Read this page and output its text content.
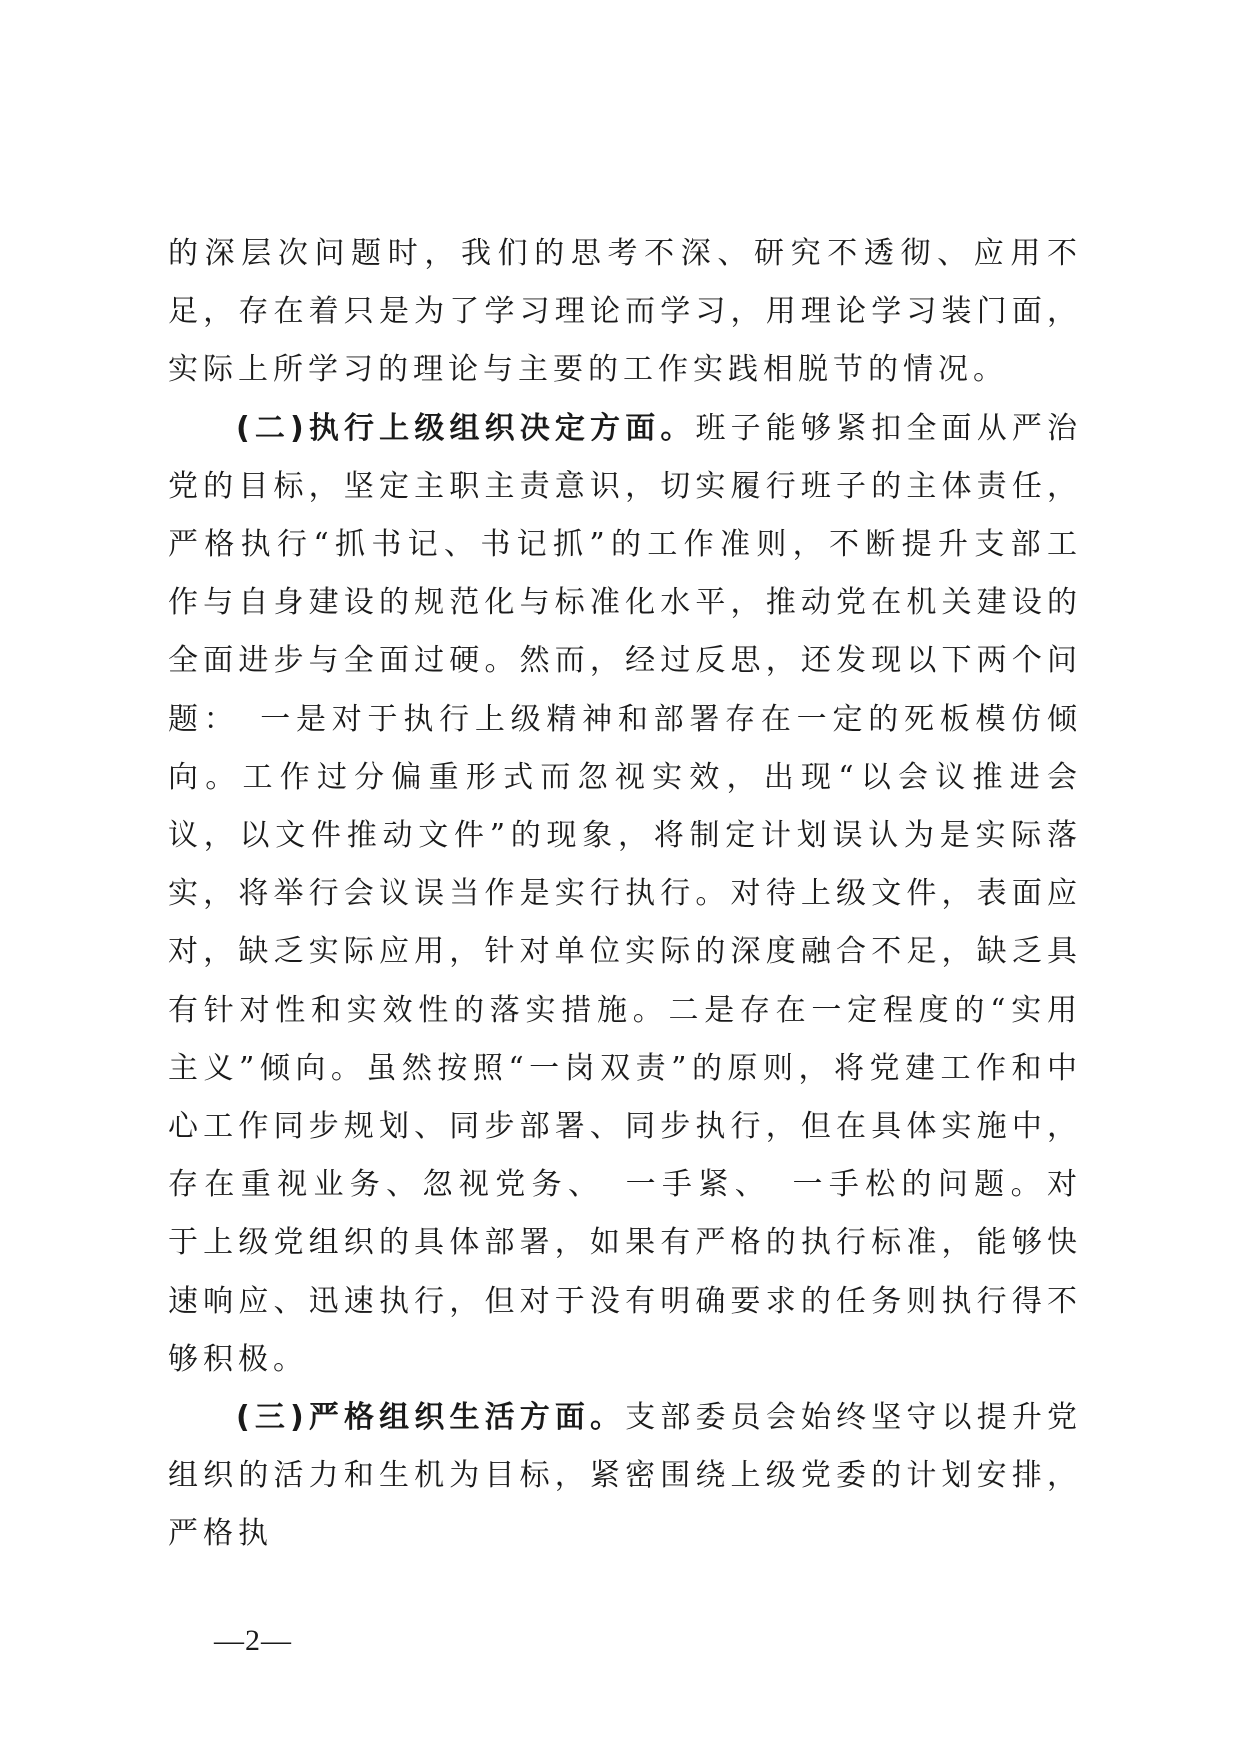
的深层次问题时，我们的思考不深、研究不透彻、应用不足，存在着只是为了学习理论而学习，用理论学习装门面，实际上所学习的理论与主要的工作实践相脱节的情况。

(二)执行上级组织决定方面。班子能够紧扣全面从严治党的目标，坚定主职主责意识，切实履行班子的主体责任，严格执行“抓书记、书记抓”的工作准则，不断提升支部工作与自身建设的规范化与标准化水平，推动党在机关建设的全面进步与全面过硬。然而，经过反思，还发现以下两个问题：　一是对于执行上级精神和部署存在一定的死板模仿倾向。工作过分偏重形式而忽视实效，出现“以会议推进会议，以文件推动文件”的现象，将制定计划误认为是实际落实，将举行会议误当作是实行执行。对待上级文件，表面应对，缺乏实际应用，针对单位实际的深度融合不足，缺乏具有针对性和实效性的落实措施。二是存在一定程度的“实用主义”倾向。虽然按照“一岗双责”的原则，将党建工作和中心工作同步规划、同步部署、同步执行，但在具体实施中，存在重视业务、忽视党务、　一手紧、　一手松的问题。对于上级党组织的具体部署，如果有严格的执行标准，能够快速响应、迅速执行，但对于没有明确要求的任务则执行得不够积极。

(三)严格组织生活方面。支部委员会始终坚守以提升党组织的活力和生机为目标，紧密围绕上级党委的计划安排，严格执

—2—
